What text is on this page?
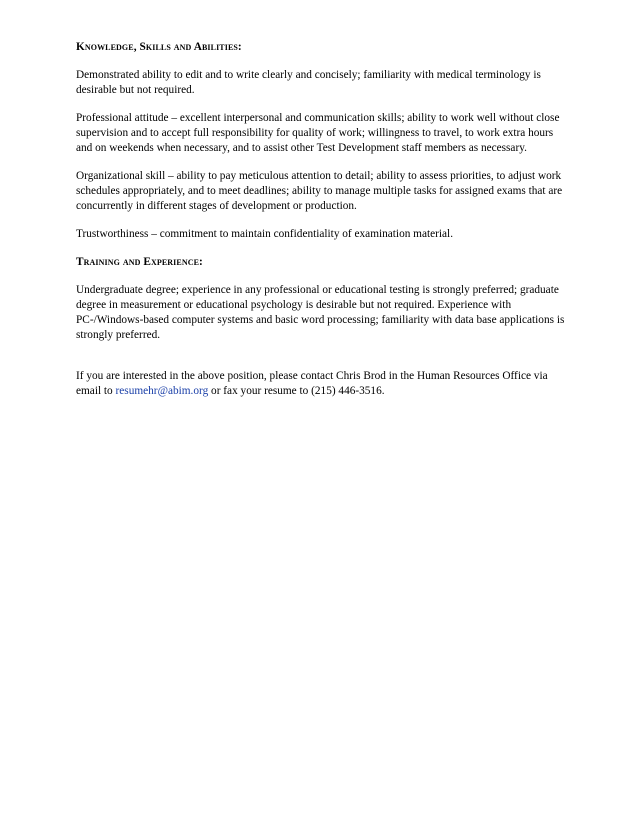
Knowledge, Skills and Abilities:
Demonstrated ability to edit and to write clearly and concisely; familiarity with medical terminology is desirable but not required.
Professional attitude – excellent interpersonal and communication skills; ability to work well without close supervision and to accept full responsibility for quality of work; willingness to travel, to work extra hours and on weekends when necessary, and to assist other Test Development staff members as necessary.
Organizational skill – ability to pay meticulous attention to detail; ability to assess priorities, to adjust work schedules appropriately, and to meet deadlines; ability to manage multiple tasks for assigned exams that are concurrently in different stages of development or production.
Trustworthiness – commitment to maintain confidentiality of examination material.
Training and Experience:
Undergraduate degree; experience in any professional or educational testing is strongly preferred; graduate degree in measurement or educational psychology is desirable but not required. Experience with PC-/Windows-based computer systems and basic word processing; familiarity with data base applications is strongly preferred.
If you are interested in the above position, please contact Chris Brod in the Human Resources Office via email to resumehr@abim.org or fax your resume to (215) 446-3516.
